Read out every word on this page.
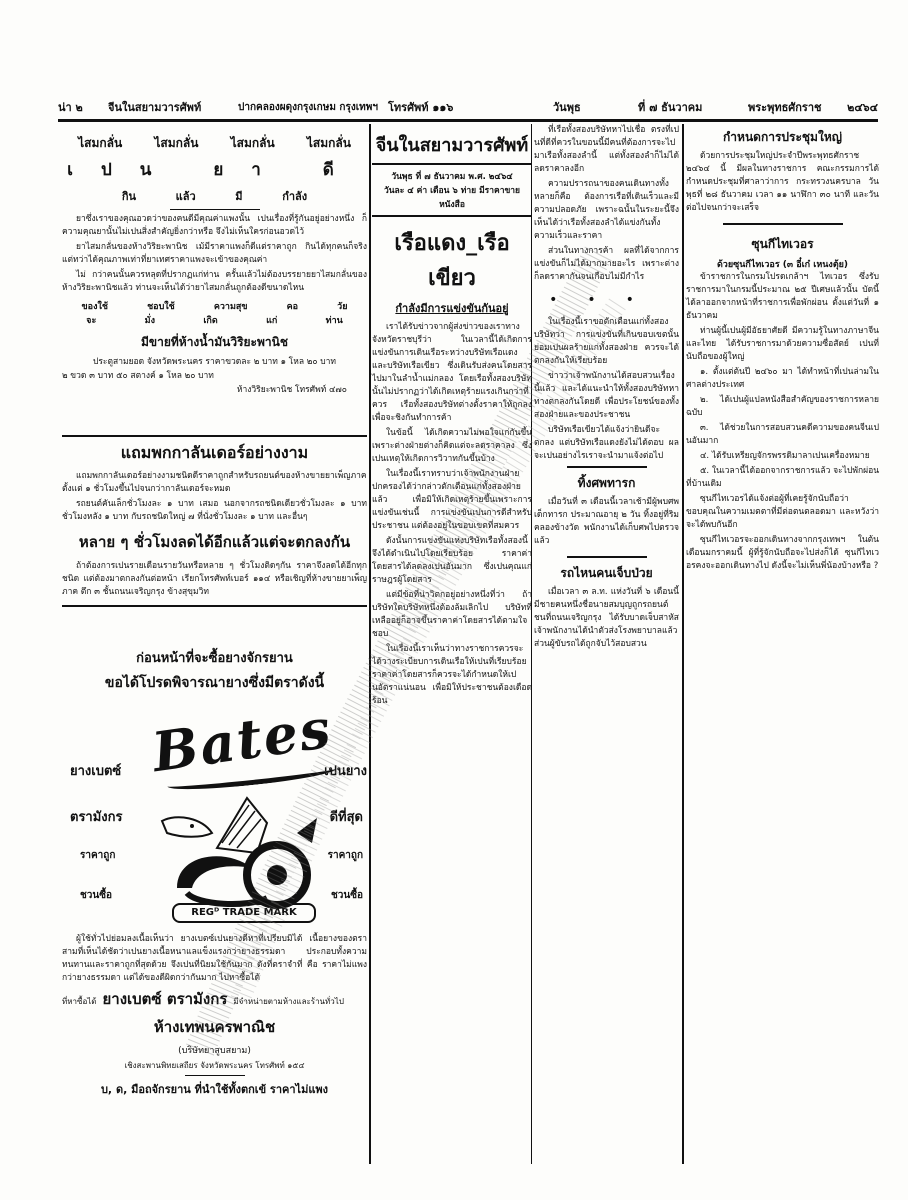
น่า ๒	จีนในสยามวารศัพท์	ปากคลองผดุงกรุงเกษม กรุงเทพฯ โทรศัพท์ ๑๑๖	วันพุธ	ที่ ๗ ธันวาคม	พระพุทธศักราช	๒๔๖๔
ไสมกลั่น	ไสมกลั่น	ไสมกลั่น	ไสมกลั่น
เปน ยา ดี
กิน	แล้ว	มี	กำลัง

ยาซึ่งเราของคุณอวดว่าของคนดีมีคุณค่าแพงนั้น เปนเรื่องที่รู้กันอยู่อย่างหนึ่ง ก็ความคุณยานั้นไม่เปนสิ่งสำคัญยิ่งกว่าหรือ จึงไม่เห็นใครก่อนอวดไว้

ยาไสมกลั่นของห้างวิริยะพานิช เม้มีราคาแพงก็ดีแต่ราคาถูก กินได้ทุกคนก็จริง แต่ทว่าได้คุณภาพเท่าที่ยาเทศราคาแพงจะเข้าของคุณค่า

ไม่ กว่าคนนั้นควรหลุดที่ปรากฏแก่ท่าน ครั้นแล้วไม่ต้องบรรยายยาไสมกลั่นของห้างวิริยะพานิชแล้ว ท่านจะเห็นได้ว่ายาไสมกลั่นถูกต้องดีขนาดไหน

ของใช้	ชอบใช้	ความสุข	คอ	วัย
จะ	มั่ง	เกิด	แก่	ท่าน
มีขายที่ห้างน้ำมันวิริยะพานิช
ประตูสามยอด จังหวัดพระนคร ราคาขวดละ ๒ บาท ๑ โหล ๒๐ บาท
๒ ขวด ๓ บาท ๕๐ สตางค์ ๑ โหล ๒๐ บาท
ห้างวิริยะพานิช โทรศัพท์ ๔๗๐
แถมพกกาลันเดอร์อย่างงาม

แถมพกกาลันเดอร์อย่างงามชนิดดีราคาถูกสำหรับรถยนต์ของห้างขายยาเพ็ญภาค ตั้งแต่ ๑ ชั่วโมงขึ้นไปจนกว่ากาลันเดอร์จะหมด

รถยนต์คันเล็กชั่วโมงละ ๑ บาท เสมอ นอกจากรถชนิดเดียวชั่วโมงละ ๑ บาท ชั่วโมงหลัง ๑ บาท กับรถชนิดใหญ่ ๗ ที่นั่งชั่วโมงละ ๑ บาท และอื่นๆ

หลาย ๆ ชั่วโมงลดได้อีกแล้วแต่จะตกลงกัน

ถ้าต้องการเปนรายเดือนรายวันหรือหลาย ๆ ชั่วโมงติดๆกัน ราคาจึงลดได้อีกทุกชนิด แต่ต้องมาตกลงกันต่อหน้า เรียกโทรศัพท์เบอร์ ๑๑๔ หรือเชิญที่ห้างขายยาเพ็ญภาค ตึก ๓ ชั้นถนนเจริญกรุง ข้างสุขุมวิท

ก่อนหน้าที่จะซื้อยางจักรยาน
ขอได้โปรดพิจารณายางซึ่งมีตราดังนี้
Bates
ยางเบตซ์
ตรามังกร
ราคาถูก
ชวนซื้อ
เปนยาง
ดีที่สุด
ราคาถูก
ชวนซื้อ
REGᴰ TRADE MARK

ผู้ใช้ทั่วไปย่อมลงเนื้อเห็นว่า ยางเบตซ์เปนยางดีหาที่เปรียบมิได้ เนื้อยางของตราสามที่เห็นได้ชัดว่าเปนยางเนื้อหนาแลแข็งแรงกว่ายางธรรมดา ประกอบทั้งความทนทานและราคาถูกที่สุดด้วย จึงเปนที่นิยมใช้กันมาก ดังที่ตราจำที่ คือ ราคาไม่แพงกว่ายางธรรมดา แต่ได้ของดีผิดกว่ากันมาก ไปหาซื้อได้

ที่หาซื้อได้ ยางเบตซ์ ตรามังกร มีจำหน่ายตามห้างและร้านทั่วไป
ห้างเทพนครพาณิช
(บริษัทยาสูบสยาม)
เชิงสะพานพิทยเสถียร จังหวัดพระนคร โทรศัพท์ ๑๕๔
บ, ด, มือถจักรยาน ที่นำใช้ทั้งตกเข้ ราคาไม่แพง
จีนในสยามวารศัพท์
วันพุธ ที่ ๗ ธันวาคม พ.ศ. ๒๔๖๔
วันละ ๔ ค่า เดือน ๖ ท่าย มีราคาขายหนังสือ
เรือแดง_เรือเขียว
กำลังมีการแข่งขันกันอยู่

เราได้รับข่าวจากผู้ส่งข่าวของเราทางจังหวัดราชบุรีว่า ในเวลานี้ได้เกิดการแข่งขันการเดินเรือระหว่างบริษัทเรือแดงและบริษัทเรือเขียว ซึ่งเดินรับส่งคนโดยสารไปมาในลำน้ำแม่กลอง โดยเรือทั้งสองบริษัทนั้นไม่ปรากฏว่าได้เกิดเหตุร้ายแรงเกินกว่าที่ควร เรือทั้งสองบริษัทต่างตั้งราคาให้ถูกลงเพื่อจะชิงกันทำการค้า

ในข้อนี้ ได้เกิดความไม่พอใจแก่กันขึ้นเพราะต่างฝ่ายต่างก็คิดแต่จะลดราคาลง ซึ่งเปนเหตุให้เกิดการวิวาทกันขึ้นบ้าง

ในเรื่องนี้เราทราบว่าเจ้าพนักงานฝ่ายปกครองได้ว่ากล่าวตักเตือนแก่ทั้งสองฝ่ายแล้ว เพื่อมิให้เกิดเหตุร้ายขึ้นเพราะการแข่งขันเช่นนี้ การแข่งขันเปนการดีสำหรับประชาชน แต่ต้องอยู่ในขอบเขตที่สมควร

ดังนั้นการแข่งขันแห่งบริษัทเรือทั้งสองนี้จึงได้ดำเนินไปโดยเรียบร้อย ราคาค่าโดยสารได้ลดลงเปนอันมาก ซึ่งเปนคุณแก่ราษฎรผู้โดยสาร

แต่มีข้อที่น่าวิตกอยู่อย่างหนึ่งที่ว่า ถ้าบริษัทใดบริษัทหนึ่งต้องล้มเลิกไป บริษัทที่เหลืออยู่ก็อาจขึ้นราคาค่าโดยสารได้ตามใจชอบ

ในเรื่องนี้เราเห็นว่าทางราชการควรจะได้วางระเบียบการเดินเรือให้เปนที่เรียบร้อย ราคาค่าโดยสารก็ควรจะได้กำหนดให้เปนอัตราแน่นอน เพื่อมิให้ประชาชนต้องเดือดร้อน

ที่เรือทั้งสองบริษัทหาไปเชื่อ ตรงที่เปนที่ดีที่ควรในขอนนี้มีคนที่ต้องการจะไปมาเรือทั้งสองลำนี้ แต่ทั้งสองลำก็ไม่ได้ลดราคาลงอีก

ความปรารถนาของคนเดินทางทั้งหลายก็คือ ต้องการเรือที่เดินเร็วและมีความปลอดภัย เพราะฉนั้นในระยะนี้จึงเห็นได้ว่าเรือทั้งสองลำได้แข่งกันทั้งความเร็วและราคา

ส่วนในทางการค้า ผลที่ได้จากการแข่งขันก็ไม่ได้มากมายอะไร เพราะต่างก็ลดราคากันจนเกือบไม่มีกำไร

•••

ในเรื่องนี้เราขอตักเตือนแก่ทั้งสองบริษัทว่า การแข่งขันที่เกินขอบเขตนั้นย่อมเปนผลร้ายแก่ทั้งสองฝ่าย ควรจะได้ตกลงกันให้เรียบร้อย

ข่าวว่าเจ้าพนักงานได้สอบสวนเรื่องนี้แล้ว และได้แนะนำให้ทั้งสองบริษัทหาทางตกลงกันโดยดี เพื่อประโยชน์ของทั้งสองฝ่ายและของประชาชน

บริษัทเรือเขียวได้แจ้งว่ายินดีจะตกลง แต่บริษัทเรือแดงยังไม่ได้ตอบ ผลจะเปนอย่างไรเราจะนำมาแจ้งต่อไป

ทิ้งศพทารก

เมื่อวันที่ ๓ เดือนนี้เวลาเช้ามีผู้พบศพเด็กทารก ประมาณอายุ ๒ วัน ทิ้งอยู่ที่ริมคลองข้างวัด พนักงานได้เก็บศพไปตรวจแล้ว

รถไหนคนเจ็บป่วย

เมื่อเวลา ๓ ล.ท. แห่งวันที่ ๖ เดือนนี้ มีชายคนหนึ่งชื่อนายสมบุญถูกรถยนต์ชนที่ถนนเจริญกรุง ได้รับบาดเจ็บสาหัส เจ้าพนักงานได้นำตัวส่งโรงพยาบาลแล้ว ส่วนผู้ขับรถได้ถูกจับไว้สอบสวน

กำหนดการประชุมใหญ่

ด้วยการประชุมใหญ่ประจำปีพระพุทธศักราช ๒๔๖๔ นี้ มีผลในทางราชการ คณะกรรมการได้กำหนดประชุมที่ศาลาว่าการ กระทรวงนครบาล วันพุธที่ ๒๘ ธันวาคม เวลา ๑๑ นาฬิกา ๓๐ นาที และวันต่อไปจนกว่าจะเสร็จ

ซุนกีไทเวอร
ด้วยซุนกีไทเวอร (๓ อี๋เก๋ เหนงตุ้ย)

ข้าราชการในกรมโปรดเกล้าฯ ไทเวอร ซึ่งรับราชการมาในกรมนี้ประมาณ ๒๕ ปีเศษแล้วนั้น บัดนี้ได้ลาออกจากหน้าที่ราชการเพื่อพักผ่อน ตั้งแต่วันที่ ๑ ธันวาคม

ท่านผู้นี้เปนผู้มีอัธยาศัยดี มีความรู้ในทางภาษาจีนและไทย ได้รับราชการมาด้วยความซื่อสัตย์ เปนที่นับถือของผู้ใหญ่

๑. ตั้งแต่ต้นปี ๒๔๖๐ มา ได้ทำหน้าที่เปนล่ามในศาลต่างประเทศ

๒. ได้เปนผู้แปลหนังสือสำคัญของราชการหลายฉบับ

๓. ได้ช่วยในการสอบสวนคดีความของคนจีนเปนอันมาก

๔. ได้รับเหรียญจักรพรรดิมาลาเปนเครื่องหมาย

๕. ในเวลานี้ได้ออกจากราชการแล้ว จะไปพักผ่อนที่บ้านเดิม

ซุนกีไทเวอรได้แจ้งต่อผู้ที่เคยรู้จักนับถือว่า ขอบคุณในความเมตตาที่มีต่อตนตลอดมา และหวังว่าจะได้พบกันอีก

ซุนกีไทเวอรจะออกเดินทางจากกรุงเทพฯ ในต้นเดือนมกราคมนี้ ผู้ที่รู้จักนับถือจะไปส่งก็ได้ ซุนกีไทเวอรคงจะออกเดินทางไป ดังนี้จะไม่เห็นพี่น้องบ้างหรือ ?
